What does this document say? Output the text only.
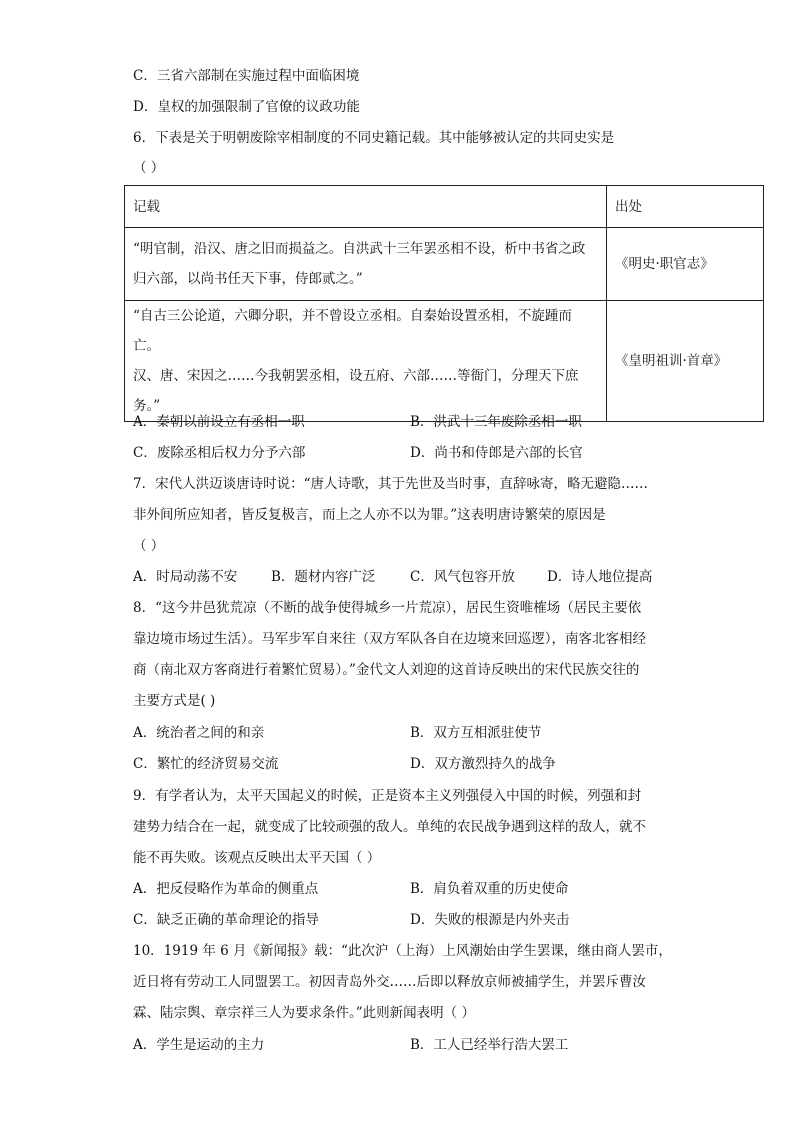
C．三省六部制在实施过程中面临困境
D．皇权的加强限制了官僚的议政功能
6．下表是关于明朝废除宰相制度的不同史籍记载。其中能够被认定的共同史实是
（ ）
记载	出处

“明官制，沿汉、唐之旧而损益之。自洪武十三年罢丞相不设，析中书省之政
归六部，以尚书任天下事，侍郎贰之。”	《明史·职官志》

“自古三公论道，六卿分职，并不曾设立丞相。自秦始设置丞相，不旋踵而亡。
汉、唐、宋因之……今我朝罢丞相，设五府、六部……等衙门，分理天下庶
务。”	《皇明祖训·首章》
A．秦朝以前设立有丞相一职	B．洪武十三年废除丞相一职
C．废除丞相后权力分予六部	D．尚书和侍郎是六部的长官
7．宋代人洪迈谈唐诗时说：“唐人诗歌，其于先世及当时事，直辞咏寄，略无避隐……
非外间所应知者，皆反复极言，而上之人亦不以为罪。”这表明唐诗繁荣的原因是
（ ）
A．时局动荡不安	B．题材内容广泛	C．风气包容开放 D．诗人地位提高
8．“这今井邑犹荒凉（不断的战争使得城乡一片荒凉），居民生资唯榷场（居民主要依
靠边境市场过生活）。马军步军自来往（双方军队各自在边境来回巡逻），南客北客相经
商（南北双方客商进行着繁忙贸易）。”金代文人刘迎的这首诗反映出的宋代民族交往的
主要方式是( )
A．统治者之间的和亲	B．双方互相派驻使节
C．繁忙的经济贸易交流	D．双方激烈持久的战争
9．有学者认为，太平天国起义的时候，正是资本主义列强侵入中国的时候，列强和封
建势力结合在一起，就变成了比较顽强的敌人。单纯的农民战争遇到这样的敌人，就不
能不再失败。该观点反映出太平天国（ ）
A．把反侵略作为革命的侧重点	B．肩负着双重的历史使命
C．缺乏正确的革命理论的指导	D．失败的根源是内外夹击
10．1919 年 6 月《新闻报》载：“此次沪（上海）上风潮始由学生罢课，继由商人罢市，
近日将有劳动工人同盟罢工。初因青岛外交……后即以释放京师被捕学生，并罢斥曹汝
霖、陆宗舆、章宗祥三人为要求条件。”此则新闻表明（ ）
A．学生是运动的主力	B．工人已经举行浩大罢工
